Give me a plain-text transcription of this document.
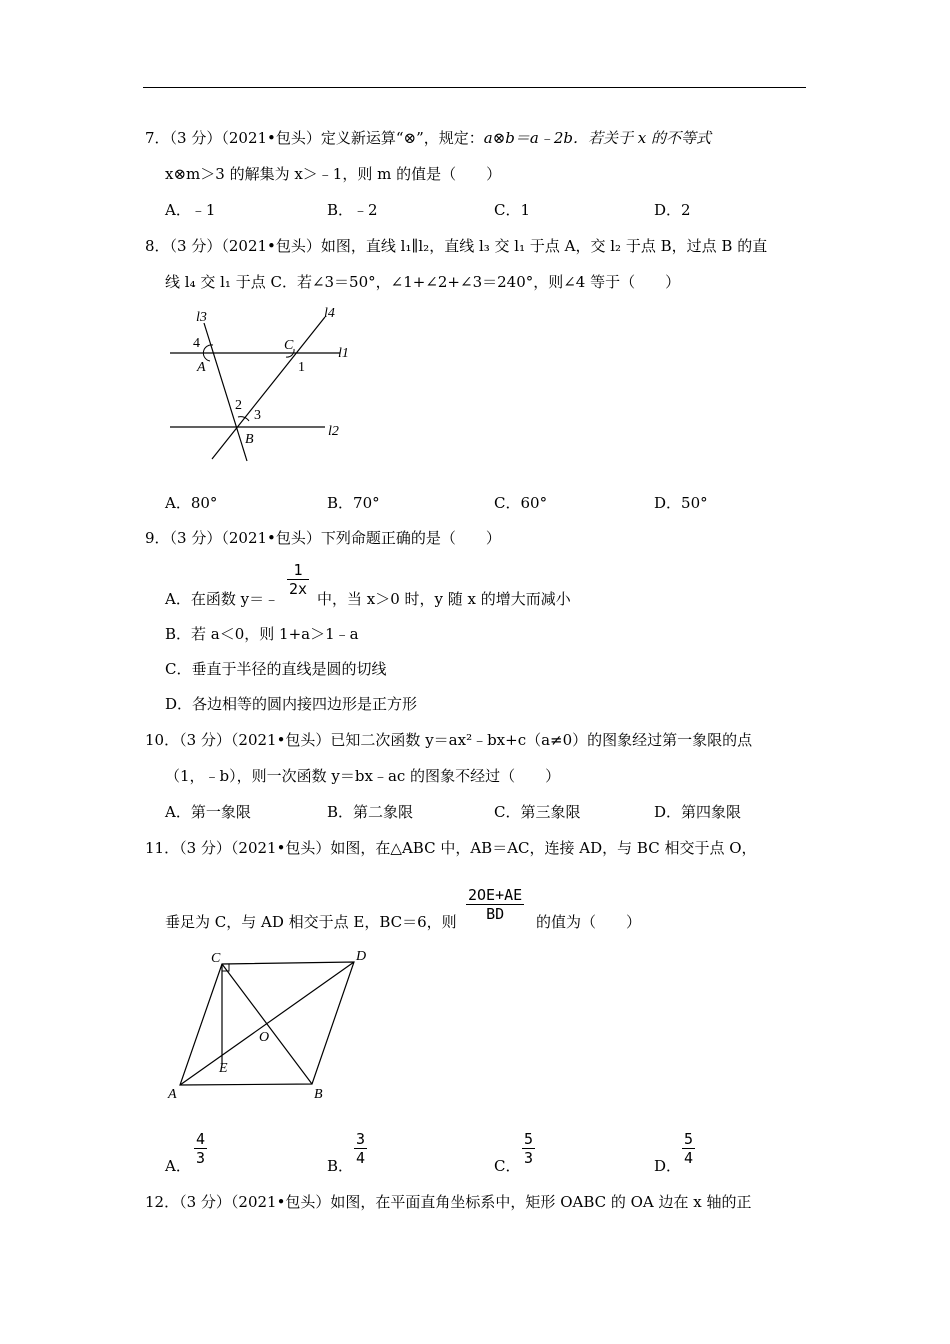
7．（3 分）（2021•包头）定义新运算“⊗”，规定：a⊗b＝a﹣2b．若关于 x 的不等式
x⊗m＞3 的解集为 x＞﹣1，则 m 的值是（　　）
A．﹣1	B．﹣2	C．1	D．2
8．（3 分）（2021•包头）如图，直线 l₁∥l₂，直线 l₃ 交 l₁ 于点 A，交 l₂ 于点 B，过点 B 的直
线 l₄ 交 l₁ 于点 C．若∠3＝50°，∠1+∠2+∠3＝240°，则∠4 等于（　　）
l3	l4
l1
l2
4
A
C
1
2
3
B
A．80°	B．70°	C．60°	D．50°
9．（3 分）（2021•包头）下列命题正确的是（　　）
A．在函数 y＝﹣
$\frac{1}{2x}$
中，当 x＞0 时，y 随 x 的增大而减小
B．若 a＜0，则 1+a＞1﹣a
C．垂直于半径的直线是圆的切线
D．各边相等的圆内接四边形是正方形
10．（3 分）（2021•包头）已知二次函数 y＝ax²﹣bx+c（a≠0）的图象经过第一象限的点
（1，﹣b），则一次函数 y＝bx﹣ac 的图象不经过（　　）
A．第一象限	B．第二象限	C．第三象限	D．第四象限
11．（3 分）（2021•包头）如图，在△ABC 中，AB＝AC，连接 AD，与 BC 相交于点 O，
垂足为 C，与 AD 相交于点 E，BC＝6，则 $\frac{2OE+AE}{BD}$ 的值为（　　）
C	D
O
E
A	B
A． $\frac{4}{3}$	B． $\frac{3}{4}$	C． $\frac{5}{3}$	D． $\frac{5}{4}$
12．（3 分）（2021•包头）如图，在平面直角坐标系中，矩形 OABC 的 OA 边在 x 轴的正
